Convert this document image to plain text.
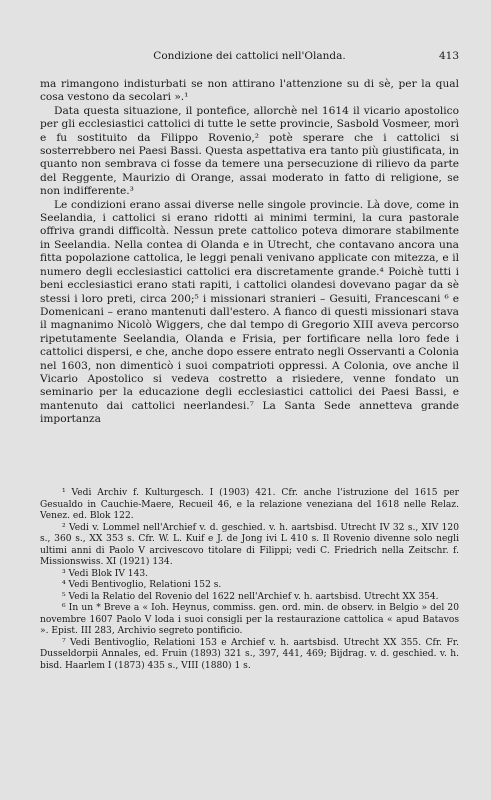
Condizione dei cattolici nell'Olanda.	413

ma rimangono indisturbati se non attirano l'attenzione su di sè, per la qual cosa vestono da secolari ».¹

Data questa situazione, il pontefice, allorchè nel 1614 il vicario apostolico per gli ecclesiastici cattolici di tutte le sette provincie, Sasbold Vosmeer, morì e fu sostituito da Filippo Rovenio,² potè sperare che i cattolici si sosterrebbero nei Paesi Bassi. Questa aspettativa era tanto più giustificata, in quanto non sembrava ci fosse da temere una persecuzione di rilievo da parte del Reggente, Maurizio di Orange, assai moderato in fatto di religione, se non indifferente.³

Le condizioni erano assai diverse nelle singole provincie. Là dove, come in Seelandia, i cattolici si erano ridotti ai minimi termini, la cura pastorale offriva grandi difficoltà. Nessun prete cattolico poteva dimorare stabilmente in Seelandia. Nella contea di Olanda e in Utrecht, che contavano ancora una fitta popolazione cattolica, le leggi penali venivano applicate con mitezza, e il numero degli ecclesiastici cattolici era discretamente grande.⁴ Poichè tutti i beni ecclesiastici erano stati rapiti, i cattolici olandesi dovevano pagar da sè stessi i loro preti, circa 200;⁵ i missionari stranieri – Gesuiti, Francescani ⁶ e Domenicani – erano mantenuti dall'estero. A fianco di questi missionari stava il magnanimo Nicolò Wiggers, che dal tempo di Gregorio XIII aveva percorso ripetutamente Seelandia, Olanda e Frisia, per fortificare nella loro fede i cattolici dispersi, e che, anche dopo essere entrato negli Osservanti a Colonia nel 1603, non dimenticò i suoi compatrioti oppressi. A Colonia, ove anche il Vicario Apostolico si vedeva costretto a risiedere, venne fondato un seminario per la educazione degli ecclesiastici cattolici dei Paesi Bassi, e mantenuto dai cattolici neerlandesi.⁷ La Santa Sede annetteva grande importanza

¹ Vedi Archiv f. Kulturgesch. I (1903) 421. Cfr. anche l'istruzione del 1615 per Gesualdo in Cauchie-Maere, Recueil 46, e la relazione veneziana del 1618 nelle Relaz. Venez. ed. Blok 122.

² Vedi v. Lommel nell'Archief v. d. geschied. v. h. aartsbisd. Utrecht IV 32 s., XIV 120 s., 360 s., XX 353 s. Cfr. W. L. Kuif e J. de Jong ivi L 410 s. Il Rovenio divenne solo negli ultimi anni di Paolo V arcivescovo titolare di Filippi; vedi C. Friedrich nella Zeitschr. f. Missionswiss. XI (1921) 134.

³ Vedi Blok IV 143.

⁴ Vedi Bentivoglio, Relationi 152 s.

⁵ Vedi la Relatio del Rovenio del 1622 nell'Archief v. h. aartsbisd. Utrecht XX 354.

⁶ In un * Breve a « Ioh. Heynus, commiss. gen. ord. min. de observ. in Belgio » del 20 novembre 1607 Paolo V loda i suoi consigli per la restaurazione cattolica « apud Batavos ». Epist. III 283, Archivio segreto pontificio.

⁷ Vedi Bentivoglio, Relationi 153 e Archief v. h. aartsbisd. Utrecht XX 355. Cfr. Fr. Dusseldorpii Annales, ed. Fruin (1893) 321 s., 397, 441, 469; Bijdrag. v. d. geschied. v. h. bisd. Haarlem I (1873) 435 s., VIII (1880) 1 s.
